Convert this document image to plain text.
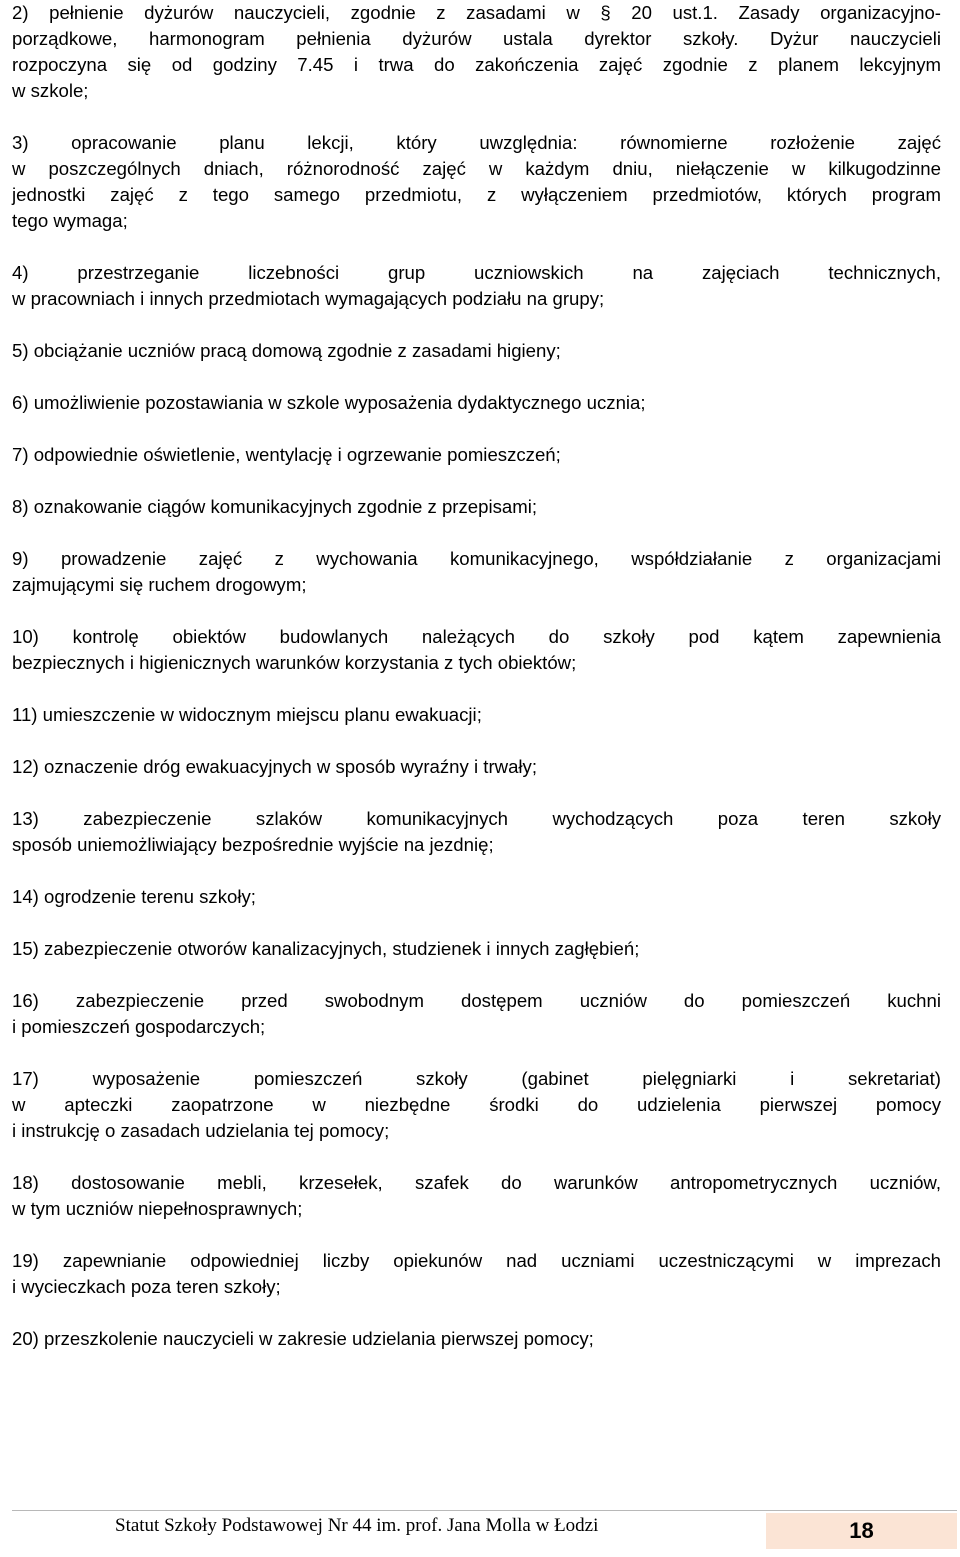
2) pełnienie dyżurów nauczycieli, zgodnie z zasadami w § 20 ust.1. Zasady organizacyjno-
porządkowe, harmonogram pełnienia dyżurów ustala dyrektor szkoły. Dyżur nauczycieli
rozpoczyna się od godziny 7.45 i trwa do zakończenia zajęć zgodnie z planem lekcyjnym
w szkole;
3) opracowanie planu lekcji, który uwzględnia: równomierne rozłożenie zajęć
w poszczególnych dniach, różnorodność zajęć w każdym dniu, niełączenie w kilkugodzinne
jednostki zajęć z tego samego przedmiotu, z wyłączeniem przedmiotów, których program
tego wymaga;
4) przestrzeganie liczebności grup uczniowskich na zajęciach technicznych,
w pracowniach i innych przedmiotach wymagających podziału na grupy;
5) obciążanie uczniów pracą domową zgodnie z zasadami higieny;
6) umożliwienie pozostawiania w szkole wyposażenia dydaktycznego ucznia;
7) odpowiednie oświetlenie, wentylację i ogrzewanie pomieszczeń;
8) oznakowanie ciągów komunikacyjnych zgodnie z przepisami;
9) prowadzenie zajęć z wychowania komunikacyjnego, współdziałanie z organizacjami
zajmującymi się ruchem drogowym;
10) kontrolę obiektów budowlanych należących do szkoły pod kątem zapewnienia
bezpiecznych i higienicznych warunków korzystania z tych obiektów;
11) umieszczenie w widocznym miejscu planu ewakuacji;
12) oznaczenie dróg ewakuacyjnych w sposób wyraźny i trwały;
13) zabezpieczenie szlaków komunikacyjnych wychodzących poza teren szkoły
sposób uniemożliwiający bezpośrednie wyjście na jezdnię;
14) ogrodzenie terenu szkoły;
15) zabezpieczenie otworów kanalizacyjnych, studzienek i innych zagłębień;
16) zabezpieczenie przed swobodnym dostępem uczniów do pomieszczeń kuchni
i pomieszczeń gospodarczych;
17) wyposażenie pomieszczeń szkoły (gabinet pielęgniarki i sekretariat)
w apteczki zaopatrzone w niezbędne środki do udzielenia pierwszej pomocy
i instrukcję o zasadach udzielania tej pomocy;
18) dostosowanie mebli, krzesełek, szafek do warunków antropometrycznych uczniów,
w tym uczniów niepełnosprawnych;
19) zapewnianie odpowiedniej liczby opiekunów nad uczniami uczestniczącymi w imprezach
i wycieczkach poza teren szkoły;
20) przeszkolenie nauczycieli w zakresie udzielania pierwszej pomocy;
Statut Szkoły Podstawowej Nr 44 im. prof. Jana Molla w Łodzi	18
